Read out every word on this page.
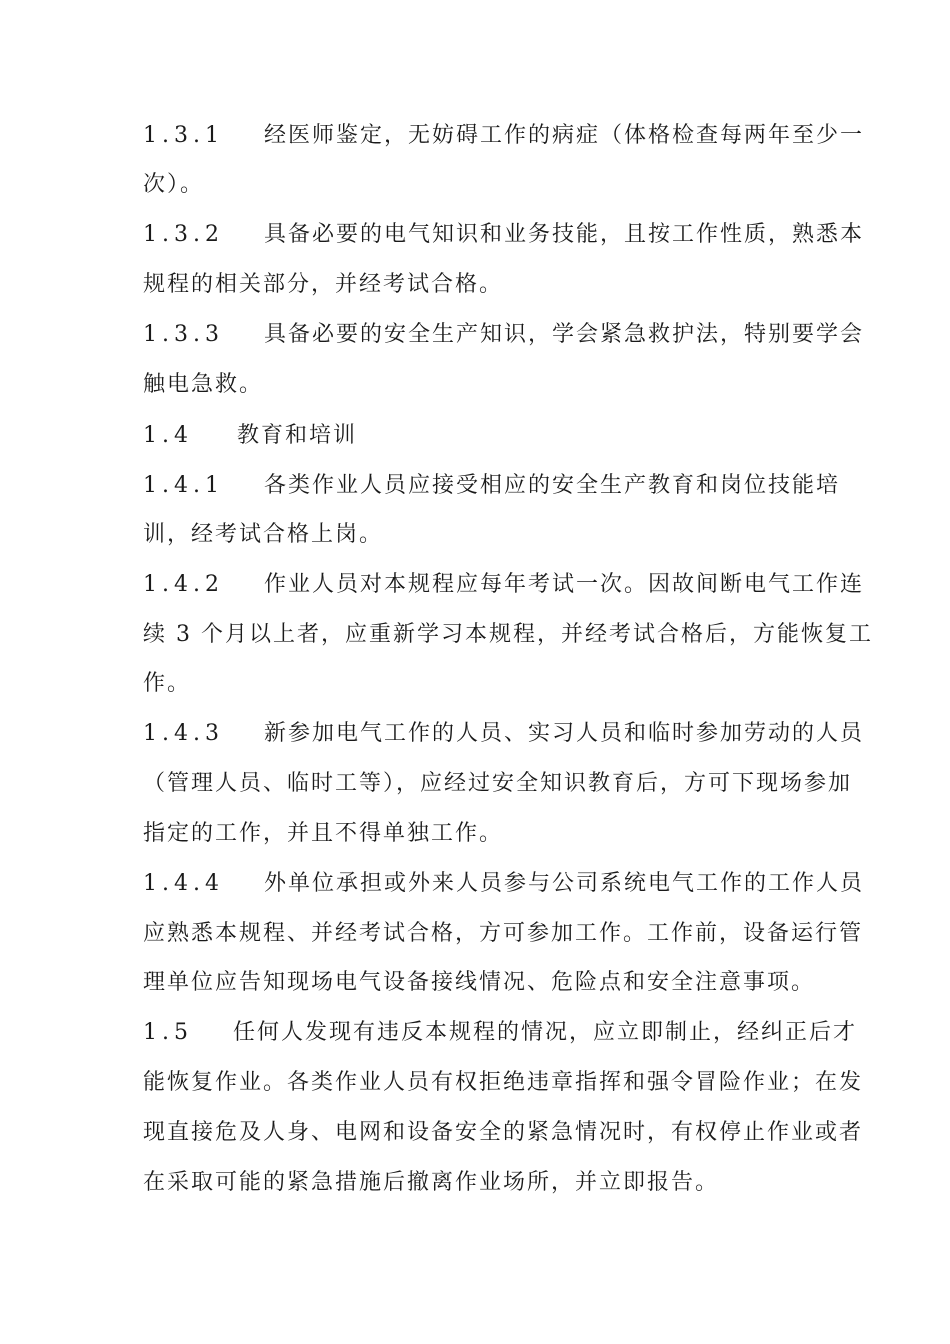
1.3.1 经医师鉴定，无妨碍工作的病症（体格检查每两年至少一
次）。
1.3.2 具备必要的电气知识和业务技能，且按工作性质，熟悉本
规程的相关部分，并经考试合格。
1.3.3 具备必要的安全生产知识，学会紧急救护法，特别要学会
触电急救。
1.4 教育和培训
1.4.1 各类作业人员应接受相应的安全生产教育和岗位技能培
训，经考试合格上岗。
1.4.2 作业人员对本规程应每年考试一次。因故间断电气工作连
续 3 个月以上者，应重新学习本规程，并经考试合格后，方能恢复工
作。
1.4.3 新参加电气工作的人员、实习人员和临时参加劳动的人员
（管理人员、临时工等），应经过安全知识教育后，方可下现场参加
指定的工作，并且不得单独工作。
1.4.4 外单位承担或外来人员参与公司系统电气工作的工作人员
应熟悉本规程、并经考试合格，方可参加工作。工作前，设备运行管
理单位应告知现场电气设备接线情况、危险点和安全注意事项。
1.5 任何人发现有违反本规程的情况，应立即制止，经纠正后才
能恢复作业。各类作业人员有权拒绝违章指挥和强令冒险作业；在发
现直接危及人身、电网和设备安全的紧急情况时，有权停止作业或者
在采取可能的紧急措施后撤离作业场所，并立即报告。
